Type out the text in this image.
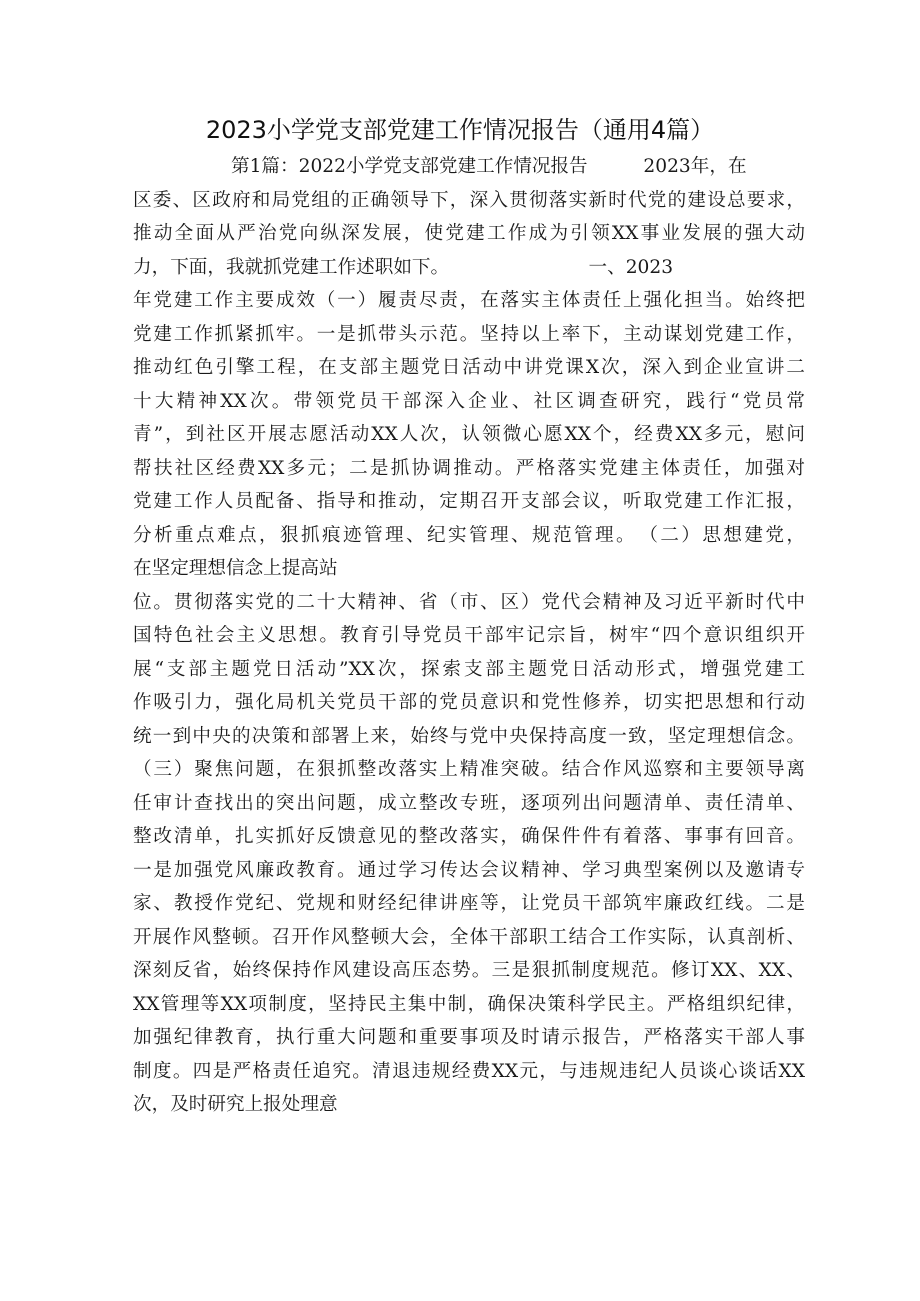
2023小学党支部党建工作情况报告（通用4篇）
第1篇：2022小学党支部党建工作情况报告　　　2023年，在
区委、区政府和局党组的正确领导下，深入贯彻落实新时代党的建设总要求，
推动全面从严治党向纵深发展，使党建工作成为引领XX事业发展的强大动
力，下面，我就抓党建工作述职如下。　　　　　　　　一、2023
年党建工作主要成效（一）履责尽责，在落实主体责任上强化担当。始终把
党建工作抓紧抓牢。一是抓带头示范。坚持以上率下，主动谋划党建工作，
推动红色引擎工程，在支部主题党日活动中讲党课X次，深入到企业宣讲二
十大精神XX次。带领党员干部深入企业、社区调查研究，践行“党员常
青”，到社区开展志愿活动XX人次，认领微心愿XX个，经费XX多元，慰问
帮扶社区经费XX多元；二是抓协调推动。严格落实党建主体责任，加强对
党建工作人员配备、指导和推动，定期召开支部会议，听取党建工作汇报，
分析重点难点，狠抓痕迹管理、纪实管理、规范管理。　（二）思想建党，
在坚定理想信念上提高站
位。贯彻落实党的二十大精神、省（市、区）党代会精神及习近平新时代中
国特色社会主义思想。教育引导党员干部牢记宗旨，树牢“四个意识组织开
展“支部主题党日活动”XX次，探索支部主题党日活动形式，增强党建工
作吸引力，强化局机关党员干部的党员意识和党性修养，切实把思想和行动
统一到中央的决策和部署上来，始终与党中央保持高度一致，坚定理想信念。
（三）聚焦问题，在狠抓整改落实上精准突破。结合作风巡察和主要领导离
任审计查找出的突出问题，成立整改专班，逐项列出问题清单、责任清单、
整改清单，扎实抓好反馈意见的整改落实，确保件件有着落、事事有回音。
一是加强党风廉政教育。通过学习传达会议精神、学习典型案例以及邀请专
家、教授作党纪、党规和财经纪律讲座等，让党员干部筑牢廉政红线。二是
开展作风整顿。召开作风整顿大会，全体干部职工结合工作实际，认真剖析、
深刻反省，始终保持作风建设高压态势。三是狠抓制度规范。修订XX、XX、
XX管理等XX项制度，坚持民主集中制，确保决策科学民主。严格组织纪律，
加强纪律教育，执行重大问题和重要事项及时请示报告，严格落实干部人事
制度。四是严格责任追究。清退违规经费XX元，与违规违纪人员谈心谈话XX
次，及时研究上报处理意
